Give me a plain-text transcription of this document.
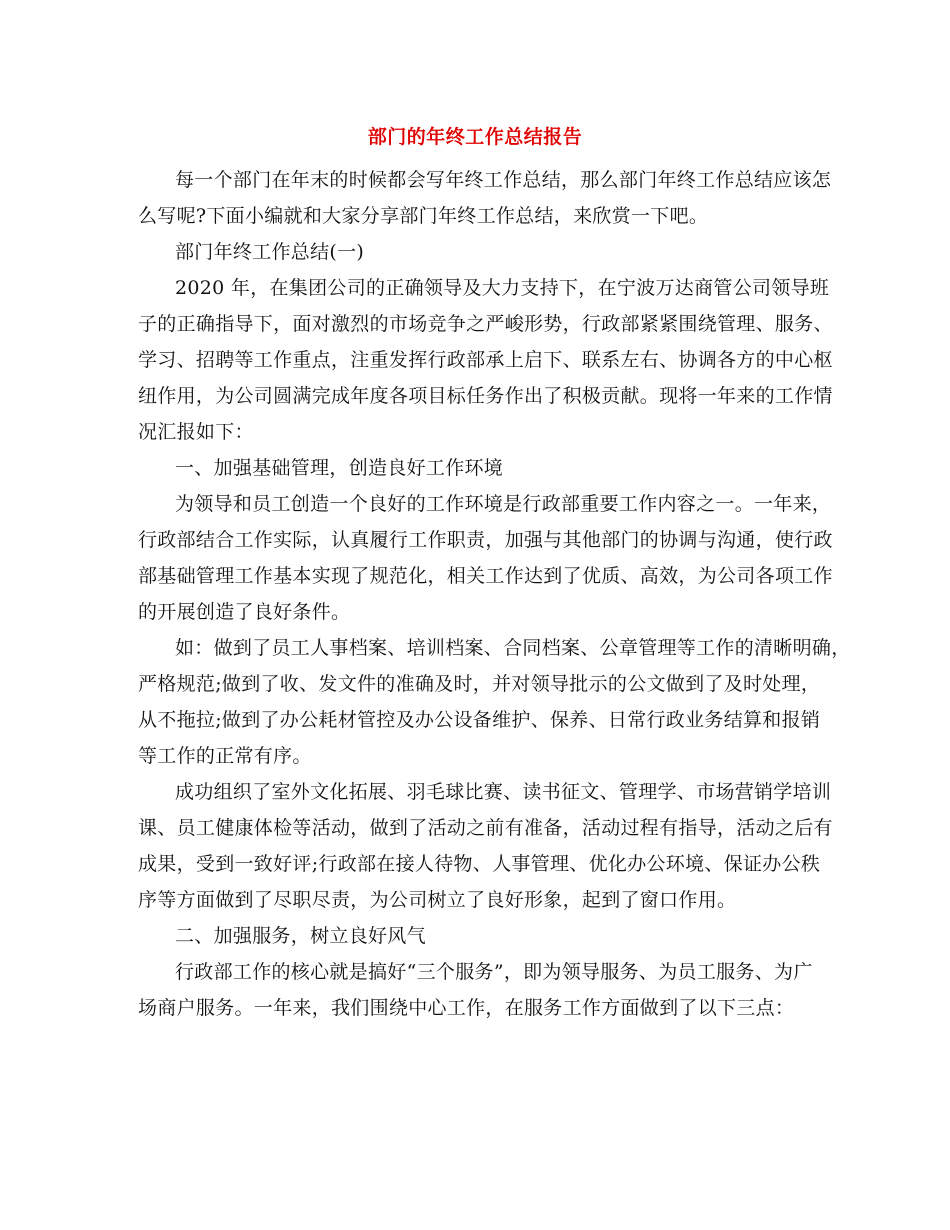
部门的年终工作总结报告
每一个部门在年末的时候都会写年终工作总结，那么部门年终工作总结应该怎
么写呢?下面小编就和大家分享部门年终工作总结，来欣赏一下吧。
部门年终工作总结(一)
2020 年，在集团公司的正确领导及大力支持下，在宁波万达商管公司领导班
子的正确指导下，面对激烈的市场竞争之严峻形势，行政部紧紧围绕管理、服务、
学习、招聘等工作重点，注重发挥行政部承上启下、联系左右、协调各方的中心枢
纽作用，为公司圆满完成年度各项目标任务作出了积极贡献。现将一年来的工作情
况汇报如下：
一、加强基础管理，创造良好工作环境
为领导和员工创造一个良好的工作环境是行政部重要工作内容之一。一年来，
行政部结合工作实际，认真履行工作职责，加强与其他部门的协调与沟通，使行政
部基础管理工作基本实现了规范化，相关工作达到了优质、高效，为公司各项工作
的开展创造了良好条件。
如：做到了员工人事档案、培训档案、合同档案、公章管理等工作的清晰明确，
严格规范;做到了收、发文件的准确及时，并对领导批示的公文做到了及时处理，
从不拖拉;做到了办公耗材管控及办公设备维护、保养、日常行政业务结算和报销
等工作的正常有序。
成功组织了室外文化拓展、羽毛球比赛、读书征文、管理学、市场营销学培训
课、员工健康体检等活动，做到了活动之前有准备，活动过程有指导，活动之后有
成果，受到一致好评;行政部在接人待物、人事管理、优化办公环境、保证办公秩
序等方面做到了尽职尽责，为公司树立了良好形象，起到了窗口作用。
二、加强服务，树立良好风气
行政部工作的核心就是搞好“三个服务”，即为领导服务、为员工服务、为广
场商户服务。一年来，我们围绕中心工作，在服务工作方面做到了以下三点：
